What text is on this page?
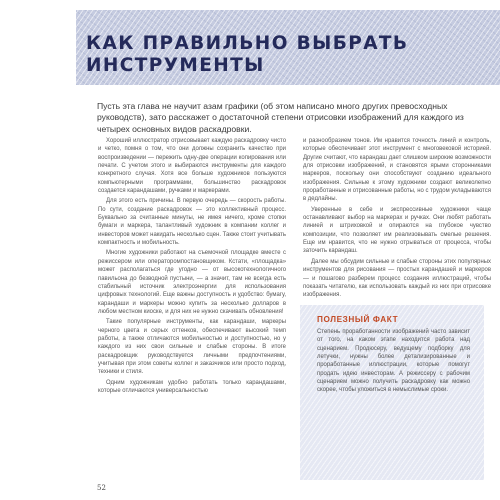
КАК ПРАВИЛЬНО ВЫБРАТЬ ИНСТРУМЕНТЫ

Пусть эта глава не научит азам графики (об этом написано много других превосходных руководств), зато расскажет о достаточной степени отрисовки изображений для каждого из четырех основных видов раскадровки.

Хороший иллюстратор отрисовывает каждую раскадровку чисто и четко, помня о том, что они должны сохранить качество при воспроизведении — пережить одну-две операции копирования или печати. С учетом этого и выбираются инструменты для каждого конкретного случая. Хотя все больше художников пользуются компьютерными программами, большинство раскадровок создается карандашами, ручками и маркерами.

Для этого есть причины. В первую очередь — скорость работы. По сути, создание раскадровок — это коллективный процесс. Буквально за считанные минуты, не имея ничего, кроме стопки бумаги и маркера, талантливый художник в компании коллег и инвесторов может накидать несколько сцен. Также стоит учитывать компактность и мобильность.

Многие художники работают на съемочной площадке вместе с режиссером или операторомпостановщиком. Кстати, «площадка» может располагаться где угодно — от высокотехнологичного павильона до безводной пустыни, — а значит, там не всегда есть стабильный источник электроэнергии для использования цифровых технологий. Еще важны доступность и удобство: бумагу, карандаши и маркеры можно купить за несколько долларов в любом местном киоске, и для них не нужно скачивать обновления!

Такие популярные инструменты, как карандаши, маркеры черного цвета и серых оттенков, обеспечивают высокий темп работы, а также отличаются мобильностью и доступностью, но у каждого из них свои сильные и слабые стороны. В итоге раскадровщик руководствуется личными предпочтениями, учитывая при этом советы коллег и заказчиков или просто подход, техники и стиля.

Одним художникам удобно работать только карандашами, которые отличаются универсальностью

и разнообразием тонов. Им нравится точность линий и контроль, которые обеспечивает этот инструмент с многовековой историей. Другие считают, что карандаш дает слишком широкие возможности для отрисовки изображений, и становятся ярыми сторонниками маркеров, поскольку они способствуют созданию идеального изображения. Сильные к этому художники создают великолепно проработанные и отрисованные работы, но с трудом укладываются в дедлайны.

Уверенные в себе и экспрессивные художники чаще останавливают выбор на маркерах и ручках. Они любят работать линией и штриховкой и опираются на глубокое чувство композиции, что позволяет им реализовывать смелые решения. Еще им нравится, что не нужно отрываться от процесса, чтобы заточить карандаш.

Далее мы обсудим сильные и слабые стороны этих популярных инструментов для рисования — простых карандашей и маркеров — и пошагово разберем процесс создания иллюстраций, чтобы показать читателю, как использовать каждый из них при отрисовке изображения.

ПОЛЕЗНЫЙ ФАКТ

Степень проработанности изображений часто зависит от того, на каком этапе находится работа над сценарием. Продюсеру, ведущему подборку для летучки, нужны более детализированные и проработанные иллюстрации, которые помогут продать идею инвесторам. А режиссеру с рабочим сценарием можно получить раскадровку как можно скорее, чтобы уложиться в немыслимые сроки.

52
